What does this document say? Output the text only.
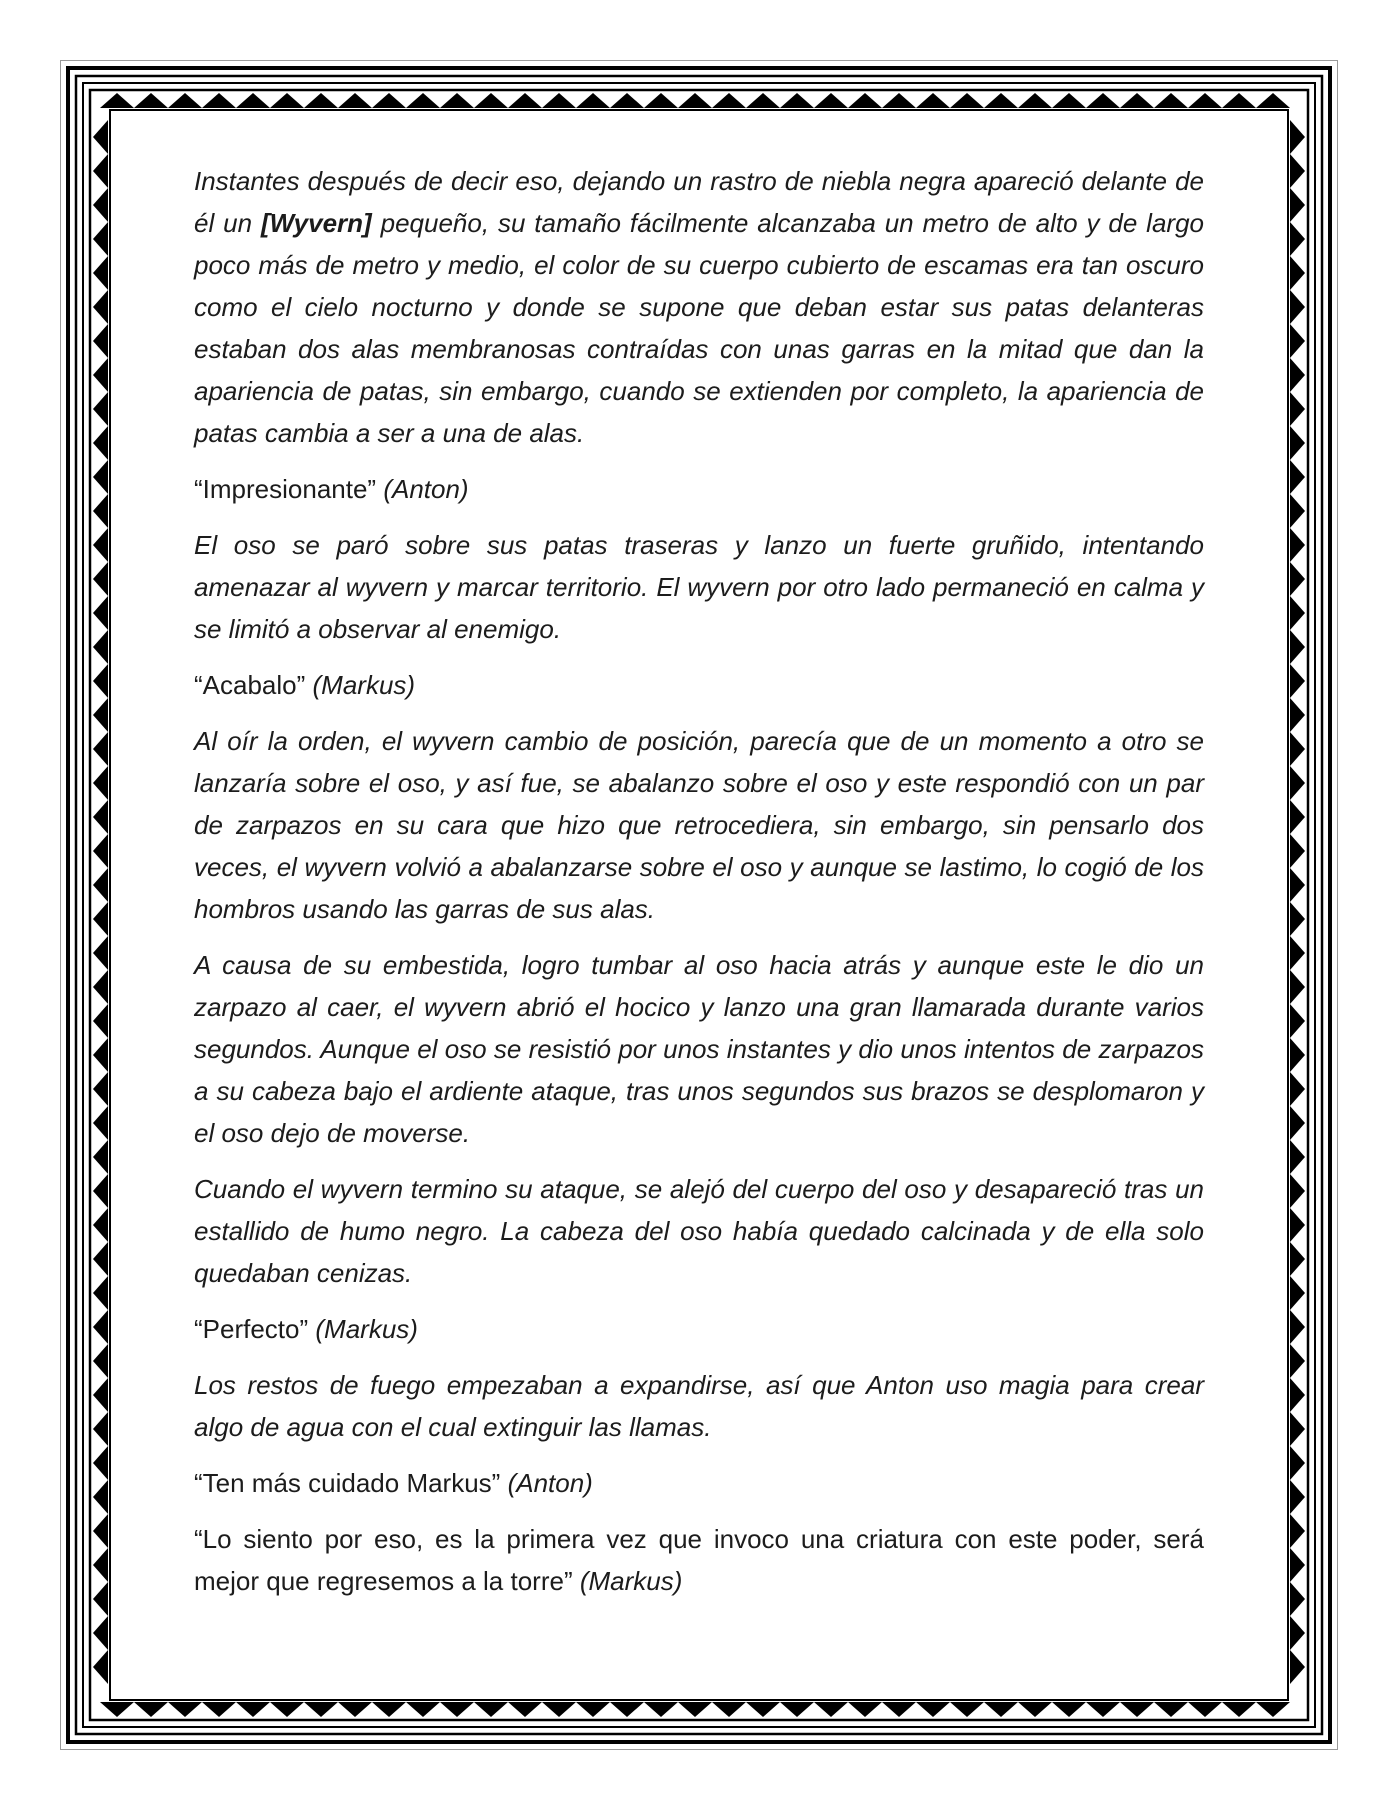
Instantes después de decir eso, dejando un rastro de niebla negra apareció delante de él un [Wyvern] pequeño, su tamaño fácilmente alcanzaba un metro de alto y de largo poco más de metro y medio, el color de su cuerpo cubierto de escamas era tan oscuro como el cielo nocturno y donde se supone que deban estar sus patas delanteras estaban dos alas membranosas contraídas con unas garras en la mitad que dan la apariencia de patas, sin embargo, cuando se extienden por completo, la apariencia de patas cambia a ser a una de alas.

“Impresionante” (Anton)

El oso se paró sobre sus patas traseras y lanzo un fuerte gruñido, intentando amenazar al wyvern y marcar territorio. El wyvern por otro lado permaneció en calma y se limitó a observar al enemigo.

“Acabalo” (Markus)

Al oír la orden, el wyvern cambio de posición, parecía que de un momento a otro se lanzaría sobre el oso, y así fue, se abalanzo sobre el oso y este respondió con un par de zarpazos en su cara que hizo que retrocediera, sin embargo, sin pensarlo dos veces, el wyvern volvió a abalanzarse sobre el oso y aunque se lastimo, lo cogió de los hombros usando las garras de sus alas.

A causa de su embestida, logro tumbar al oso hacia atrás y aunque este le dio un zarpazo al caer, el wyvern abrió el hocico y lanzo una gran llamarada durante varios segundos. Aunque el oso se resistió por unos instantes y dio unos intentos de zarpazos a su cabeza bajo el ardiente ataque, tras unos segundos sus brazos se desplomaron y el oso dejo de moverse.

Cuando el wyvern termino su ataque, se alejó del cuerpo del oso y desapareció tras un estallido de humo negro. La cabeza del oso había quedado calcinada y de ella solo quedaban cenizas.

“Perfecto” (Markus)

Los restos de fuego empezaban a expandirse, así que Anton uso magia para crear algo de agua con el cual extinguir las llamas.

“Ten más cuidado Markus” (Anton)

“Lo siento por eso, es la primera vez que invoco una criatura con este poder, será mejor que regresemos a la torre” (Markus)
